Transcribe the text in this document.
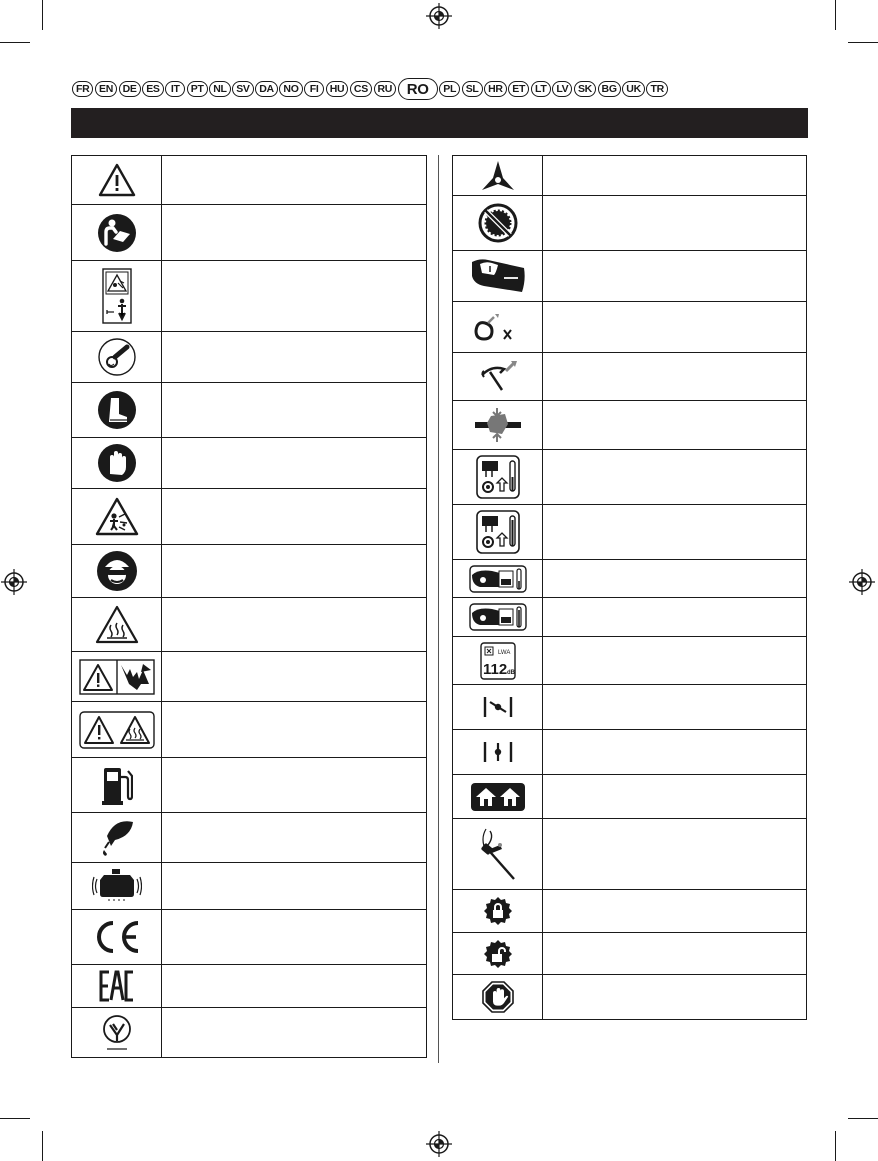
FR EN DE ES	IT	PT NL SV DA NO	FI	HU CS RU RO	PL SL HR ET LT LV SK BG UK TR

LWA
112 dB	
